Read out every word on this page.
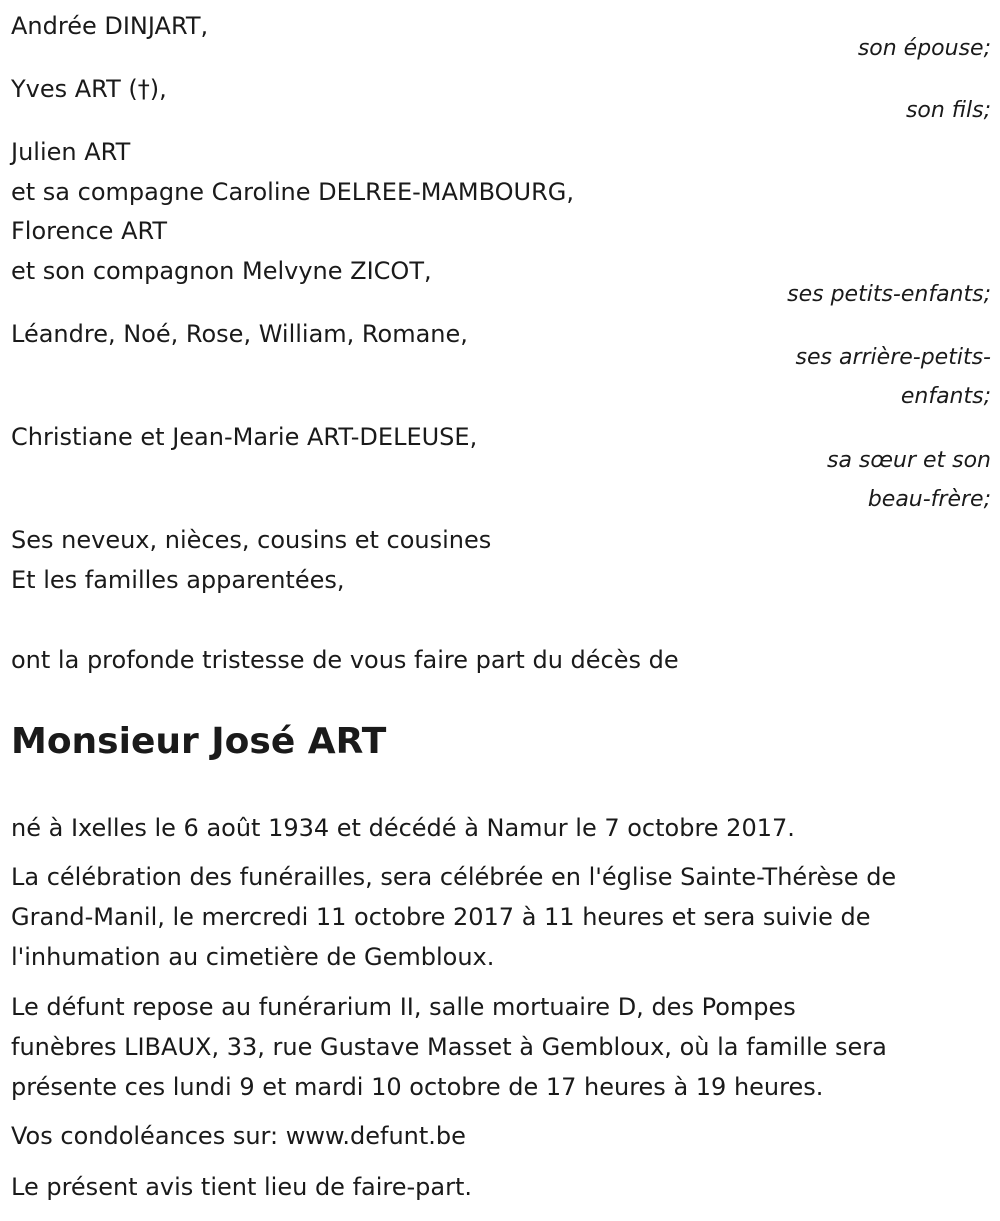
Andrée DINJART,
son épouse;
Yves ART (†),
son fils;
Julien ART
et sa compagne Caroline DELREE-MAMBOURG,
Florence ART
et son compagnon Melvyne ZICOT,
ses petits-enfants;
Léandre, Noé, Rose, William, Romane,
ses arrière-petits-
enfants;
Christiane et Jean-Marie ART-DELEUSE,
sa sœur et son
beau-frère;
Ses neveux, nièces, cousins et cousines
Et les familles apparentées,
ont la profonde tristesse de vous faire part du décès de
Monsieur José ART
né à Ixelles le 6 août 1934 et décédé à Namur le 7 octobre 2017.
La célébration des funérailles, sera célébrée en l'église Sainte-Thérèse de
Grand-Manil, le mercredi 11 octobre 2017 à 11 heures et sera suivie de
l'inhumation au cimetière de Gembloux.
Le défunt repose au funérarium II, salle mortuaire D, des Pompes
funèbres LIBAUX, 33, rue Gustave Masset à Gembloux, où la famille sera
présente ces lundi 9 et mardi 10 octobre de 17 heures à 19 heures.
Vos condoléances sur: www.defunt.be
Le présent avis tient lieu de faire-part.
